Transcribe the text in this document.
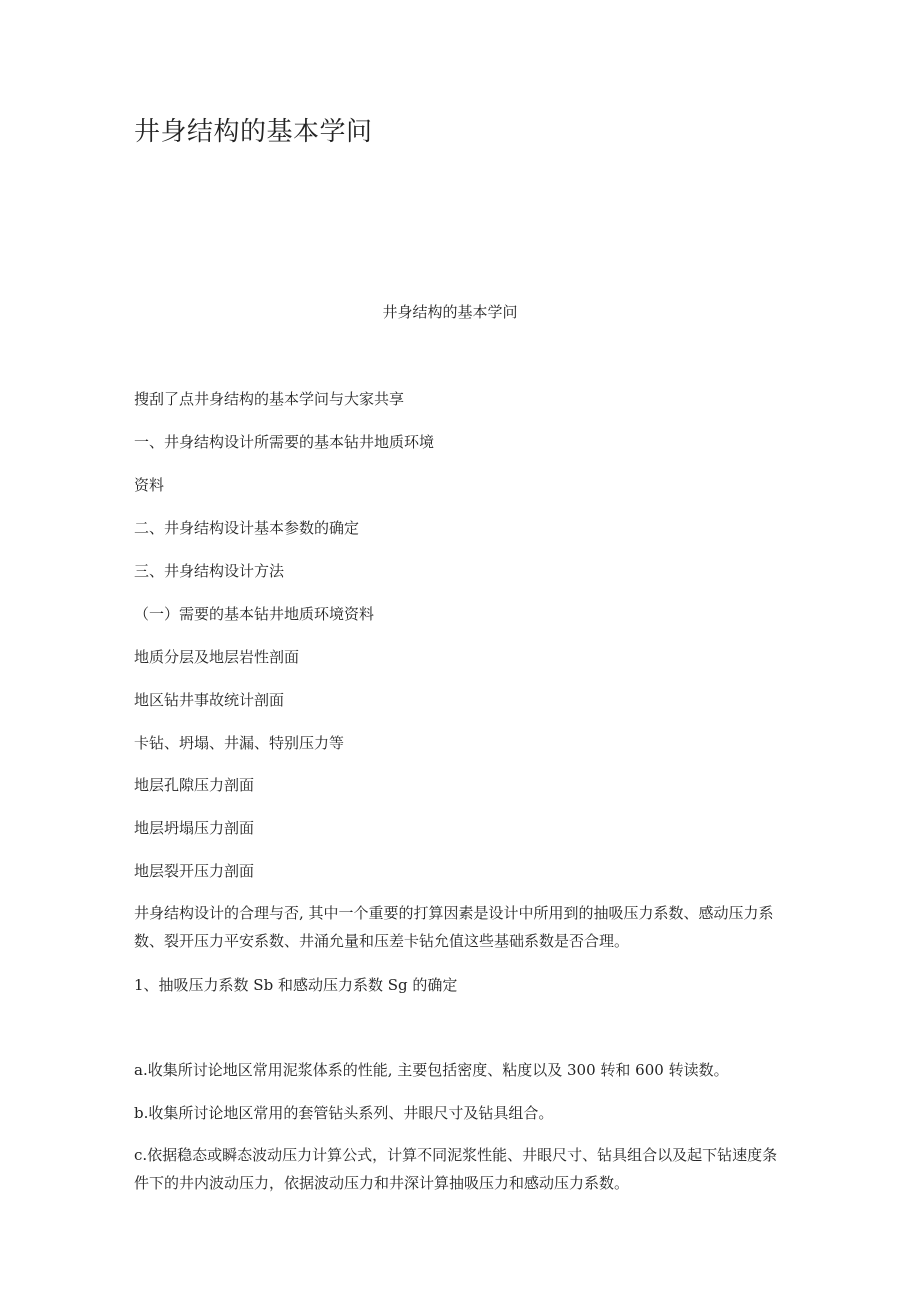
井身结构的基本学问
井身结构的基本学问

搜刮了点井身结构的基本学问与大家共享

一、井身结构设计所需要的基本钻井地质环境

资料

二、井身结构设计基本参数的确定

三、井身结构设计方法

（一）需要的基本钻井地质环境资料

地质分层及地层岩性剖面

地区钻井事故统计剖面

卡钻、坍塌、井漏、特别压力等

地层孔隙压力剖面

地层坍塌压力剖面

地层裂开压力剖面

井身结构设计的合理与否, 其中一个重要的打算因素是设计中所用到的抽吸压力系数、感动压力系数、裂开压力平安系数、井涌允量和压差卡钻允值这些基础系数是否合理。

1、抽吸压力系数 Sb 和感动压力系数 Sg 的确定

a.收集所讨论地区常用泥浆体系的性能, 主要包括密度、粘度以及 300 转和 600 转读数。

b.收集所讨论地区常用的套管钻头系列、井眼尺寸及钻具组合。

c.依据稳态或瞬态波动压力计算公式，计算不同泥浆性能、井眼尺寸、钻具组合以及起下钻速度条件下的井内波动压力，依据波动压力和井深计算抽吸压力和感动压力系数。
